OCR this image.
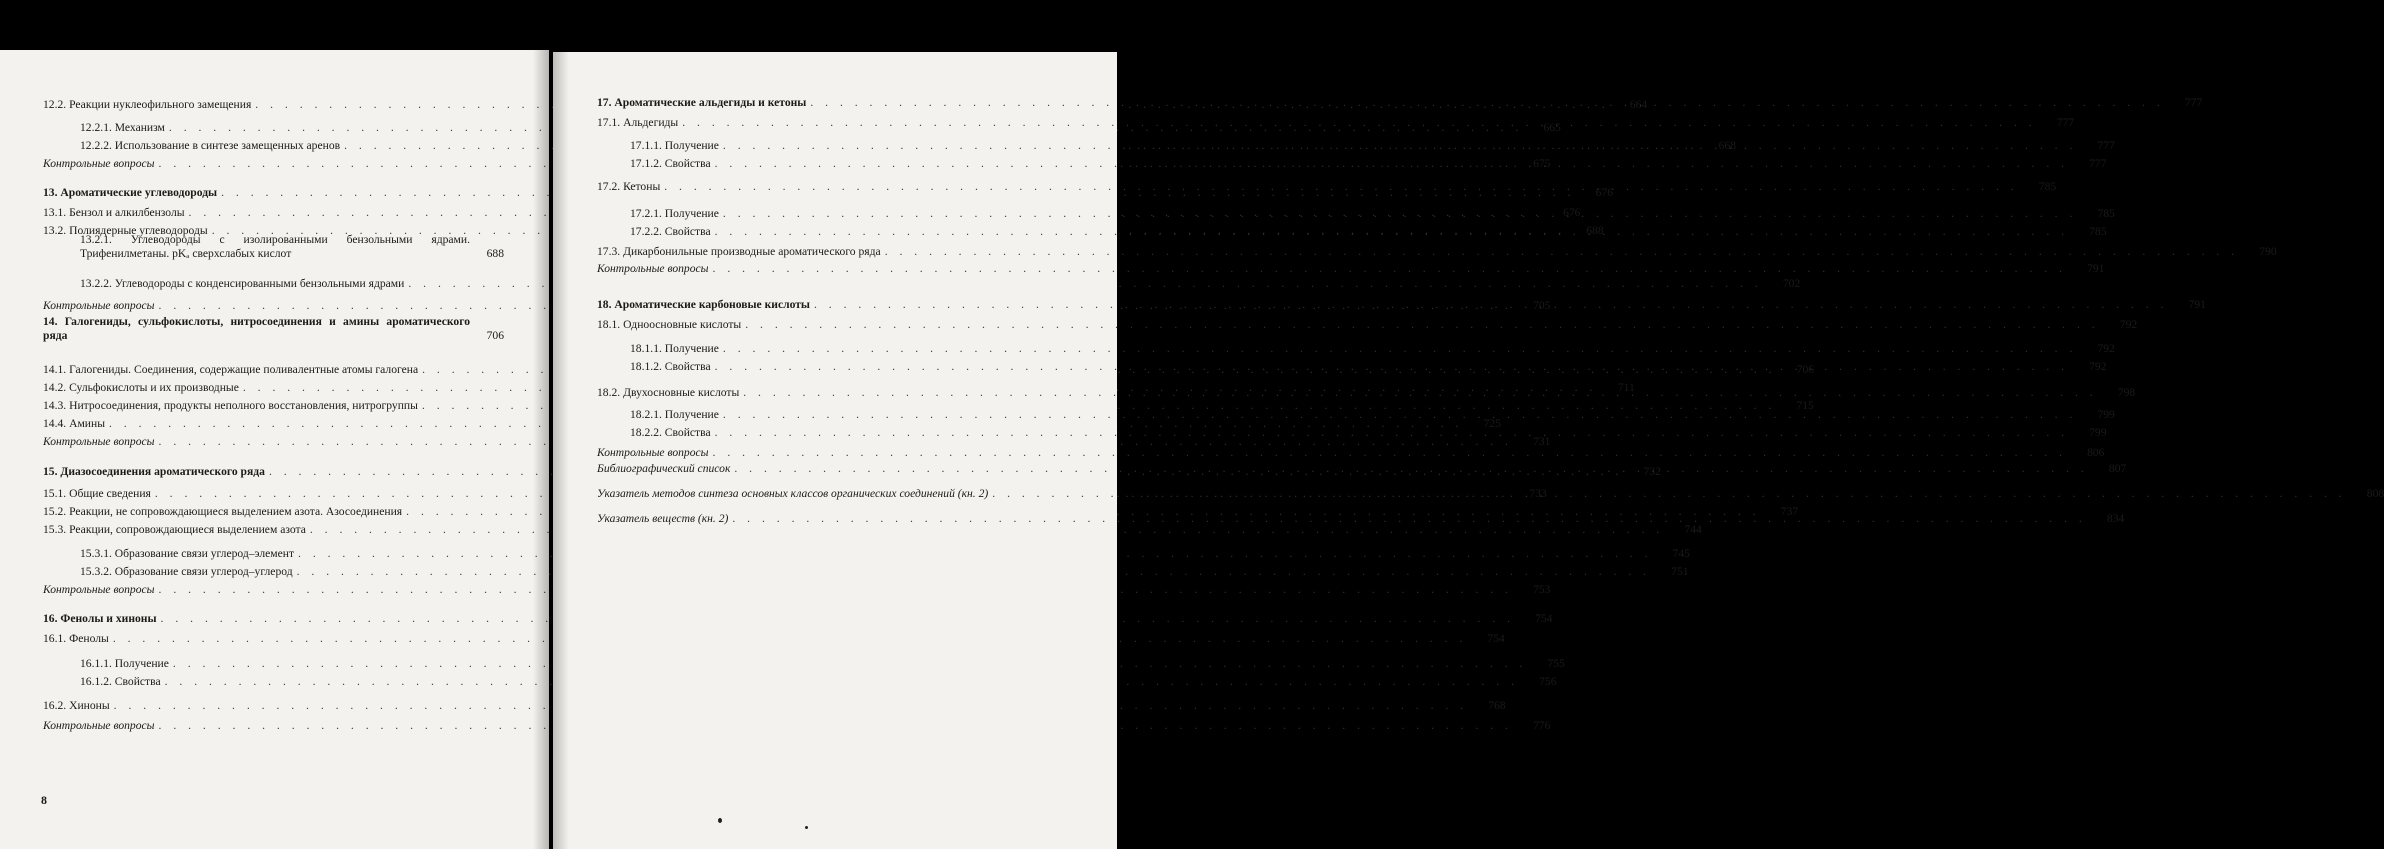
12.2. Реакции нуклеофильного замещения . . .	664
12.2.1. Механизм . . .	665
12.2.2. Использование в синтезе замещенных аренов . . .	668
Контрольные вопросы . . .	675
13. Ароматические углеводороды . . .	676
13.1. Бензол и алкилбензолы . . .	676
13.2. Полиядерные углеводороды . . .	688
13.2.1. Углеводороды с изолированными бензольными ядрами. Трифенилметаны. pKₐ сверхслабых кислот	688
13.2.2. Углеводороды с конденсированными бензольными ядрами . . .	702
Контрольные вопросы . . .	705
14. Галогениды, сульфокислоты, нитросоединения и амины ароматического ряда	706
14.1. Галогениды. Соединения, содержащие поливалентные атомы галогена . . .	706
14.2. Сульфокислоты и их производные . . .	711
14.3. Нитросоединения, продукты неполного восстановления, нитрогруппы . . .	715
14.4. Амины . . .	725
Контрольные вопросы . . .	731
15. Диазосоединения ароматического ряда . . .	732
15.1. Общие сведения . . .	733
15.2. Реакции, не сопровождающиеся выделением азота. Азосоединения . . .	737
15.3. Реакции, сопровождающиеся выделением азота . . .	744
15.3.1. Образование связи углерод–элемент . . .	745
15.3.2. Образование связи углерод–углерод . . .	751
Контрольные вопросы . . .	753
16. Фенолы и хиноны . . .	754
16.1. Фенолы . . .	754
16.1.1. Получение . . .	755
16.1.2. Свойства . . .	756
16.2. Хиноны . . .	768
Контрольные вопросы . . .	776
8
17. Ароматические альдегиды и кетоны . . .	777
17.1. Альдегиды . . .	777
17.1.1. Получение . . .	777
17.1.2. Свойства . . .	777
17.2. Кетоны . . .	785
17.2.1. Получение . . .	785
17.2.2. Свойства . . .	785
17.3. Дикарбонильные производные ароматического ряда . . .	790
Контрольные вопросы . . .	791
18. Ароматические карбоновые кислоты . . .	791
18.1. Одноосновные кислоты . . .	792
18.1.1. Получение . . .	792
18.1.2. Свойства . . .	792
18.2. Двухосновные кислоты . . .	798
18.2.1. Получение . . .	799
18.2.2. Свойства . . .	799
Контрольные вопросы . . .	806
Библиографический список . . .	807
Указатель методов синтеза основных классов органических соединений (кн. 2) . . .	808
Указатель веществ (кн. 2) . . .	834
